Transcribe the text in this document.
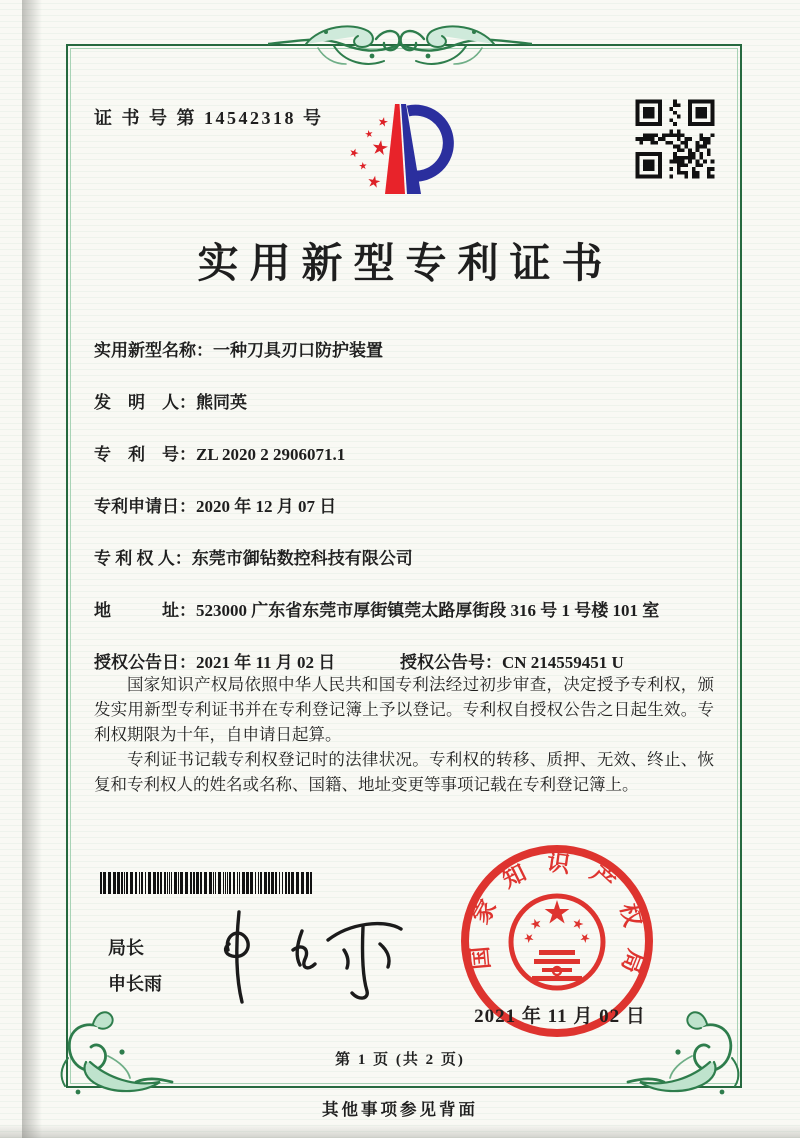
证 书 号 第 14542318 号
实用新型专利证书
实用新型名称： 一种刀具刃口防护装置
发　明　人： 熊同英
专　利　号： ZL 2020 2 2906071.1
专利申请日： 2020 年 12 月 07 日
专 利 权 人： 东莞市御钻数控科技有限公司
地　　　址： 523000 广东省东莞市厚街镇莞太路厚街段 316 号 1 号楼 101 室
授权公告日： 2021 年 11 月 02 日	授权公告号： CN 214559451 U

国家知识产权局依照中华人民共和国专利法经过初步审查，决定授予专利权，颁发实用新型专利证书并在专利登记簿上予以登记。专利权自授权公告之日起生效。专利权期限为十年，自申请日起算。

专利证书记载专利权登记时的法律状况。专利权的转移、质押、无效、终止、恢复和专利权人的姓名或名称、国籍、地址变更等事项记载在专利登记簿上。

局长
申长雨
国家知识产权局
2021 年 11 月 02 日
第 1 页 (共 2 页)
其他事项参见背面
